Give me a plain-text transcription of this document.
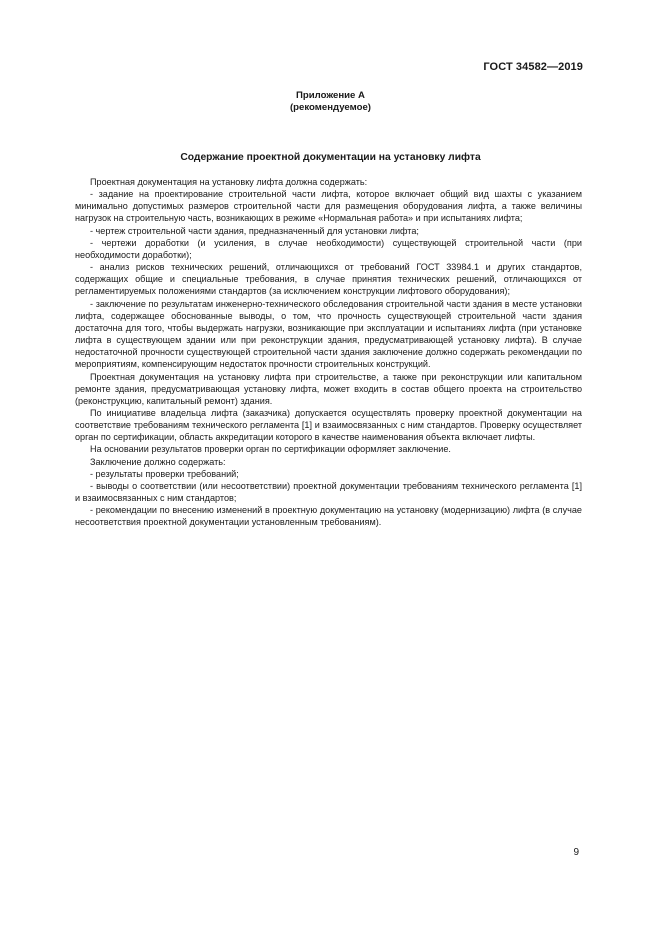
ГОСТ 34582—2019
Приложение А
(рекомендуемое)
Содержание проектной документации на установку лифта

Проектная документация на установку лифта должна содержать:

- задание на проектирование строительной части лифта, которое включает общий вид шахты с указанием минимально допустимых размеров строительной части для размещения оборудования лифта, а также величины нагрузок на строительную часть, возникающих в режиме «Нормальная работа» и при испытаниях лифта;

- чертеж строительной части здания, предназначенный для установки лифта;

- чертежи доработки (и усиления, в случае необходимости) существующей строительной части (при необходимости доработки);

- анализ рисков технических решений, отличающихся от требований ГОСТ 33984.1 и других стандартов, содержащих общие и специальные требования, в случае принятия технических решений, отличающихся от регламентируемых положениями стандартов (за исключением конструкции лифтового оборудования);

- заключение по результатам инженерно-технического обследования строительной части здания в месте установки лифта, содержащее обоснованные выводы, о том, что прочность существующей строительной части здания достаточна для того, чтобы выдержать нагрузки, возникающие при эксплуатации и испытаниях лифта (при установке лифта в существующем здании или при реконструкции здания, предусматривающей установку лифта). В случае недостаточной прочности существующей строительной части здания заключение должно содержать рекомендации по мероприятиям, компенсирующим недостаток прочности строительных конструкций.

Проектная документация на установку лифта при строительстве, а также при реконструкции или капитальном ремонте здания, предусматривающая установку лифта, может входить в состав общего проекта на строительство (реконструкцию, капитальный ремонт) здания.

По инициативе владельца лифта (заказчика) допускается осуществлять проверку проектной документации на соответствие требованиям технического регламента [1] и взаимосвязанных с ним стандартов. Проверку осуществляет орган по сертификации, область аккредитации которого в качестве наименования объекта включает лифты.

На основании результатов проверки орган по сертификации оформляет заключение.

Заключение должно содержать:

- результаты проверки требований;

- выводы о соответствии (или несоответствии) проектной документации требованиям технического регламента [1] и взаимосвязанных с ним стандартов;

- рекомендации по внесению изменений в проектную документацию на установку (модернизацию) лифта (в случае несоответствия проектной документации установленным требованиям).

9
